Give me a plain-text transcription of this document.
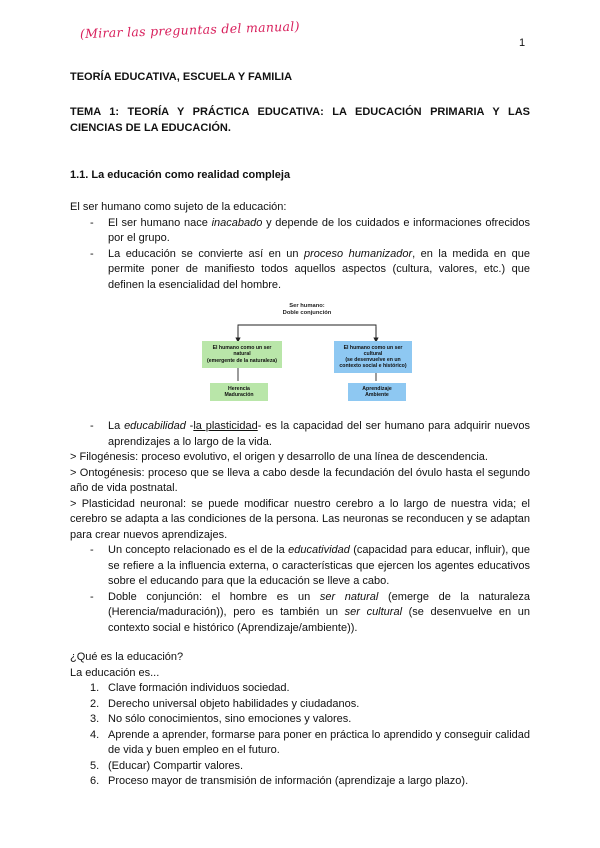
(Mirar las preguntas del manual)
1

TEORÍA EDUCATIVA, ESCUELA Y FAMILIA

TEMA 1: TEORÍA Y PRÁCTICA EDUCATIVA: LA EDUCACIÓN PRIMARIA Y LAS CIENCIAS DE LA EDUCACIÓN.

1.1. La educación como realidad compleja

El ser humano como sujeto de la educación:

- El ser humano nace inacabado y depende de los cuidados e informaciones ofrecidos por el grupo.
- La educación se convierte así en un proceso humanizador, en la medida en que permite poner de manifiesto todos aquellos aspectos (cultura, valores, etc.) que definen la esencialidad del hombre.
Ser humano:
Doble conjunción
El humano como un ser
natural
(emergente de la naturaleza)
El humano como un ser
cultural
(se desenvuelve en un
contexto social e histórico)
Herencia
Maduración
Aprendizaje
Ambiente
- La educabilidad -la plasticidad- es la capacidad del ser humano para adquirir nuevos aprendizajes a lo largo de la vida.

> Filogénesis: proceso evolutivo, el origen y desarrollo de una línea de descendencia.

> Ontogénesis: proceso que se lleva a cabo desde la fecundación del óvulo hasta el segundo año de vida postnatal.

> Plasticidad neuronal: se puede modificar nuestro cerebro a lo largo de nuestra vida; el cerebro se adapta a las condiciones de la persona. Las neuronas se reconducen y se adaptan para crear nuevos aprendizajes.

- Un concepto relacionado es el de la educatividad (capacidad para educar, influir), que se refiere a la influencia externa, o características que ejercen los agentes educativos sobre el educando para que la educación se lleve a cabo.
- Doble conjunción: el hombre es un ser natural (emerge de la naturaleza (Herencia/maduración)), pero es también un ser cultural (se desenvuelve en un contexto social e histórico (Aprendizaje/ambiente)).

¿Qué es la educación?

La educación es...

1. Clave formación individuos sociedad.
2. Derecho universal objeto habilidades y ciudadanos.
3. No sólo conocimientos, sino emociones y valores.
4. Aprende a aprender, formarse para poner en práctica lo aprendido y conseguir calidad de vida y buen empleo en el futuro.
5. (Educar) Compartir valores.
6. Proceso mayor de transmisión de información (aprendizaje a largo plazo).
